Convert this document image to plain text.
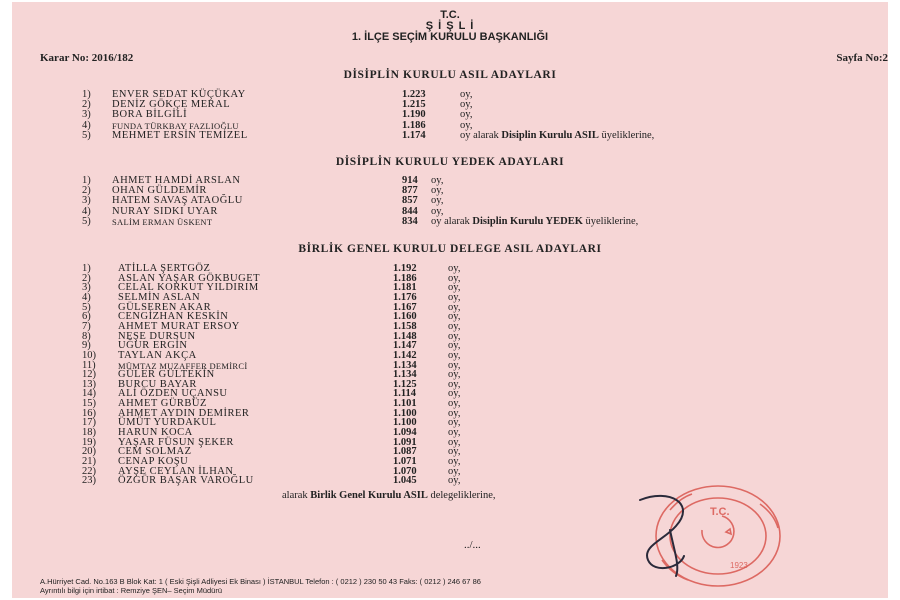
T.C.
Ş İ Ş L İ
1. İLÇE SEÇİM KURULU BAŞKANLIĞI
Karar No: 2016/182	Sayfa No:2
DİSİPLİN KURULU ASIL ADAYLARI
1)	ENVER SEDAT KÜÇÜKAY	1.223	oy,
2)	DENİZ GÖKÇE MERAL	1.215	oy,
3)	BORA BİLGİLİ	1.190	oy,
4)	FUNDA TÜRKBAY FAZLIOĞLU	1.186	oy,
5)	MEHMET ERSİN TEMİZEL	1.174	oy alarak Disiplin Kurulu ASIL üyeliklerine,
DİSİPLİN KURULU YEDEK ADAYLARI
1)	AHMET HAMDİ ARSLAN	914 oy,
2)	OHAN GÜLDEMİR	877 oy,
3)	HATEM SAVAŞ ATAOĞLU	857 oy,
4)	NURAY SIDKI UYAR	844 oy,
5)	SALİM ERMAN ÜSKENT	834 oy alarak Disiplin Kurulu YEDEK üyeliklerine,
BİRLİK GENEL KURULU DELEGE ASIL ADAYLARI
1)	ATİLLA ŞERTGÖZ	1.192	oy,
2)	ASLAN YAŞAR GÖKBUGET	1.186	oy,
3)	CELAL KORKUT YILDIRIM	1.181	oy,
4)	SELMİN ASLAN	1.176	oy,
5)	GÜLSEREN AKAR	1.167	oy,
6)	CENGİZHAN KESKİN	1.160	oy,
7)	AHMET MURAT ERSOY	1.158	oy,
8)	NEŞE DURSUN	1.148	oy,
9)	UĞUR ERGİN	1.147	oy,
10)	TAYLAN AKÇA	1.142	oy,
11)	MÜMTAZ MUZAFFER DEMİRCİ	1.134	oy,
12)	GÜLER GÜLTEKİN	1.134	oy,
13)	BURCU BAYAR	1.125	oy,
14)	ALİ ÖZDEN UÇANSU	1.114	oy,
15)	AHMET GÜRBÜZ	1.101	oy,
16)	AHMET AYDIN DEMİRER	1.100	oy,
17)	ÜMÜT YURDAKUL	1.100	oy,
18)	HARUN KOCA	1.094	oy,
19)	YAŞAR FÜSUN ŞEKER	1.091	oy,
20)	CEM SOLMAZ	1.087	oy,
21)	CENAP KOŞU	1.071	oy,
22)	AYŞE CEYLAN İLHAN	1.070	oy,
23)	ÖZGÜR BAŞAR VAROĞLU	1.045	oy,
alarak Birlik Genel Kurulu ASIL delegeliklerine,
../...
T.C.
1923
A.Hürriyet Cad. No.163 B Blok Kat: 1 ( Eski Şişli Adliyesi Ek Binası ) İSTANBUL Telefon : ( 0212 ) 230 50 43 Faks: ( 0212 ) 246 67 86
Ayrıntılı bilgi için irtibat : Remziye ŞEN– Seçim Müdürü
